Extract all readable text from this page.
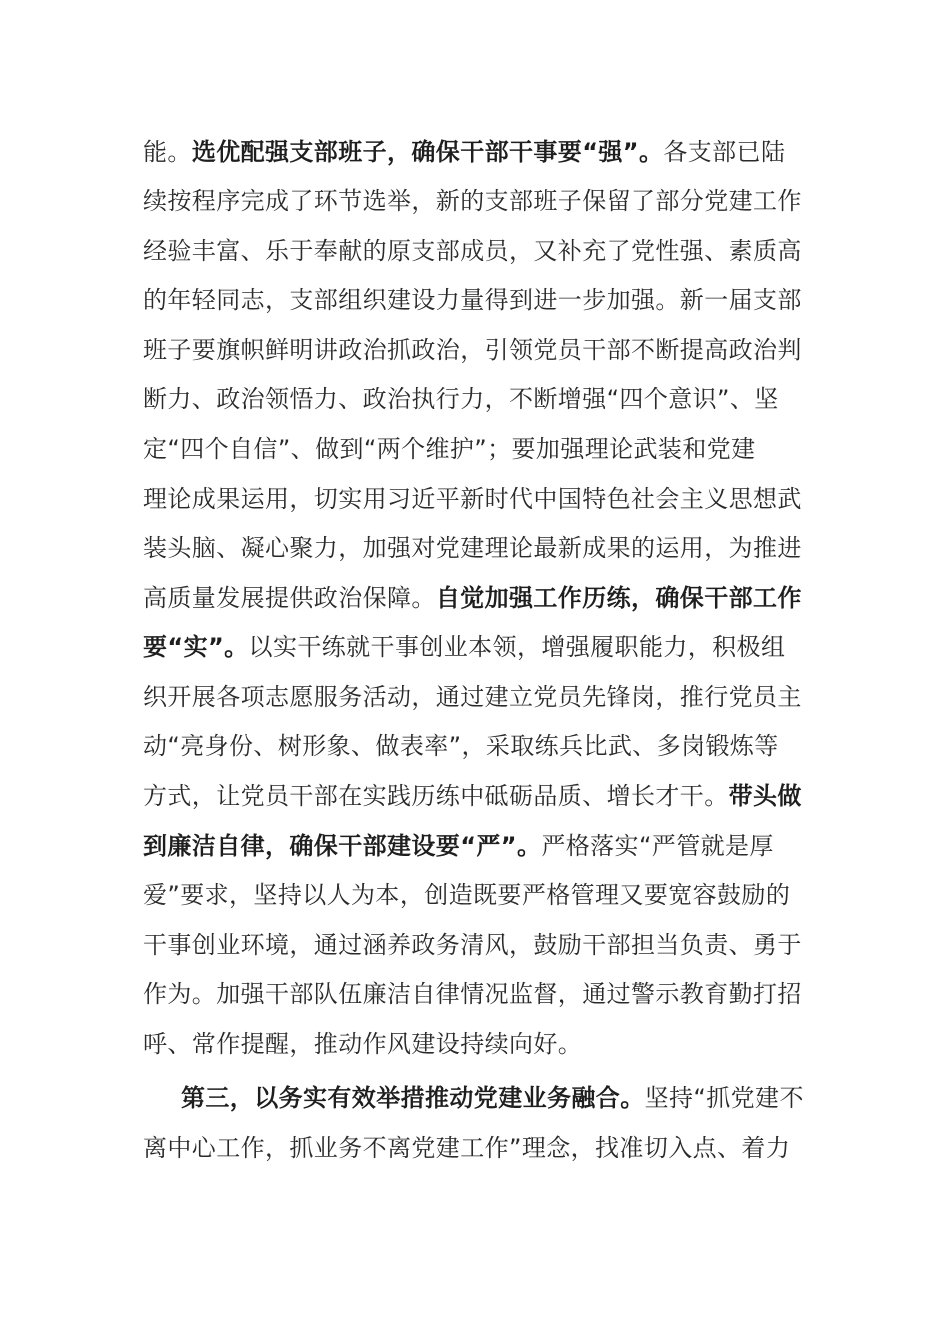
能。选优配强支部班子，确保干部干事要“强”。各支部已陆
续按程序完成了环节选举，新的支部班子保留了部分党建工作
经验丰富、乐于奉献的原支部成员，又补充了党性强、素质高
的年轻同志，支部组织建设力量得到进一步加强。新一届支部
班子要旗帜鲜明讲政治抓政治，引领党员干部不断提高政治判
断力、政治领悟力、政治执行力，不断增强“四个意识”、坚
定“四个自信”、做到“两个维护”；要加强理论武装和党建
理论成果运用，切实用习近平新时代中国特色社会主义思想武
装头脑、凝心聚力，加强对党建理论最新成果的运用，为推进
高质量发展提供政治保障。自觉加强工作历练，确保干部工作
要“实”。以实干练就干事创业本领，增强履职能力，积极组
织开展各项志愿服务活动，通过建立党员先锋岗，推行党员主
动“亮身份、树形象、做表率”，采取练兵比武、多岗锻炼等
方式，让党员干部在实践历练中砥砺品质、增长才干。带头做
到廉洁自律，确保干部建设要“严”。严格落实“严管就是厚
爱”要求，坚持以人为本，创造既要严格管理又要宽容鼓励的
干事创业环境，通过涵养政务清风，鼓励干部担当负责、勇于
作为。加强干部队伍廉洁自律情况监督，通过警示教育勤打招
呼、常作提醒，推动作风建设持续向好。
第三，以务实有效举措推动党建业务融合。坚持“抓党建不
离中心工作，抓业务不离党建工作”理念，找准切入点、着力
